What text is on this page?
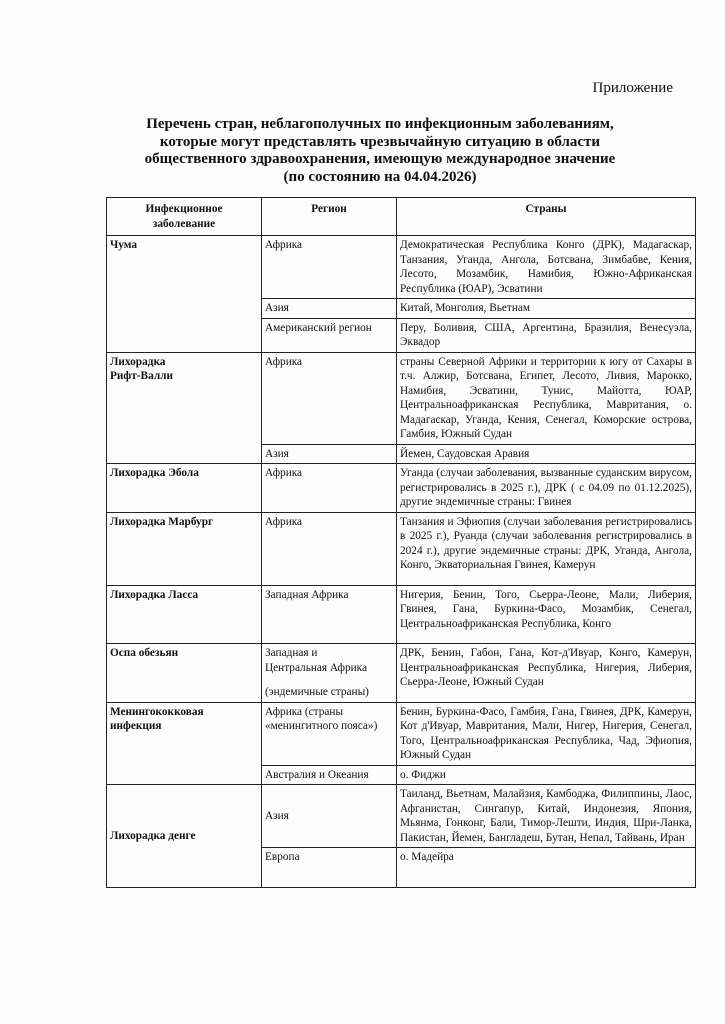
Приложение
Перечень стран, неблагополучных по инфекционным заболеваниям,
которые могут представлять чрезвычайную ситуацию в области
общественного здравоохранения, имеющую международное значение
(по состоянию на 04.04.2026)
Инфекционное
заболевание	Регион	Страны
Чума	Африка	Демократическая Республика Конго (ДРК), Мадагаскар, Танзания, Уганда, Ангола, Ботсвана, Зимбабве, Кения, Лесото, Мозамбик, Намибия, Южно-Африканская Республика (ЮАР), Эсватини
	Азия	Китай, Монголия, Вьетнам
	Американский регион	Перу, Боливия, США, Аргентина, Бразилия, Венесуэла, Эквадор
Лихорадка
Рифт-Валли	Африка	страны Северной Африки и территории к югу от Сахары в т.ч. Алжир, Ботсвана, Египет, Лесото, Ливия, Марокко, Намибия, Эсватини, Тунис, Майотта, ЮАР, Центральноафриканская Республика, Мавритания, о. Мадагаскар, Уганда, Кения, Сенегал, Коморские острова, Гамбия, Южный Судан
	Азия	Йемен, Саудовская Аравия
Лихорадка Эбола	Африка	Уганда (случаи заболевания, вызванные суданским вирусом, регистрировались в 2025 г.), ДРК ( с 04.09 по 01.12.2025), другие эндемичные страны: Гвинея
Лихорадка Марбург	Африка	Танзания и Эфиопия (случаи заболевания регистрировались в 2025 г.), Руанда (случаи заболевания регистрировались в 2024 г.), другие эндемичные страны: ДРК, Уганда, Ангола, Конго, Экваториальная Гвинея, Камерун

Лихорадка Ласса	Западная Африка	Нигерия, Бенин, Того, Сьерра-Леоне, Мали, Либерия, Гвинея, Гана, Буркина-Фасо, Мозамбик, Сенегал, Центральноафриканская Республика, Конго

Оспа обезьян	Западная и
Центральная Африка
(эндемичные страны)	ДРК, Бенин, Габон, Гана, Кот-д'Ивуар, Конго, Камерун, Центральноафриканская Республика, Нигерия, Либерия, Сьерра-Леоне, Южный Судан
Менингококковая
инфекция	Африка (страны
«менингитного пояса»)	Бенин, Буркина-Фасо, Гамбия, Гана, Гвинея, ДРК, Камерун, Кот д'Ивуар, Мавритания, Мали, Нигер, Нигерия, Сенегал, Того, Центральноафриканская Республика, Чад, Эфиопия, Южный Судан
	Австралия и Океания	о. Фиджи
Лихорадка денге	Азия	Таиланд, Вьетнам, Малайзия, Камбоджа, Филиппины, Лаос, Афганистан, Сингапур, Китай, Индонезия, Япония, Мьянма, Гонконг, Бали, Тимор-Лешти, Индия, Шри-Ланка, Пакистан, Йемен, Бангладеш, Бутан, Непал, Тайвань, Иран
	Европа	о. Мадейра
